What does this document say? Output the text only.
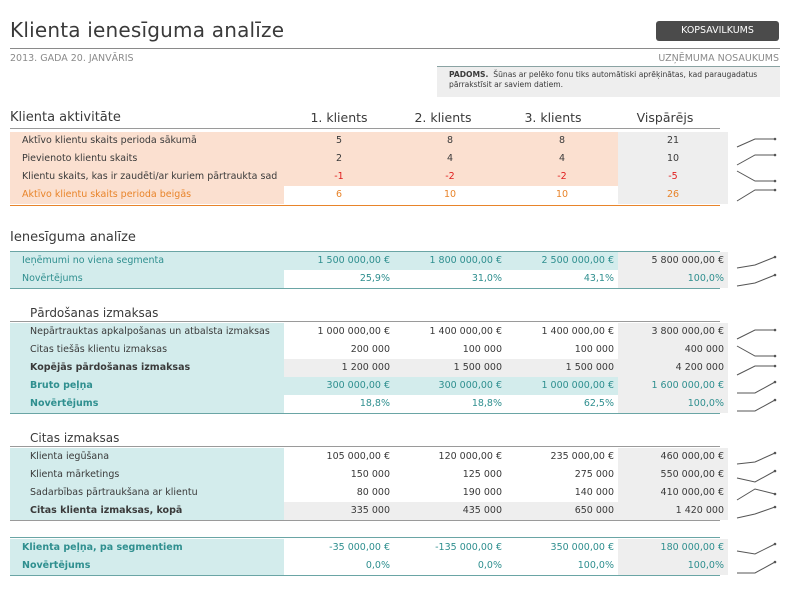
Klienta ienesīguma analīze	KOPSAVILKUMS
2013. GADA 20. JANVĀRIS	UZŅĒMUMA NOSAUKUMS
PADOMS. Šūnas ar pelēko fonu tiks automātiski aprēķinātas, kad paraugadatus pārrakstīsit ar saviem datiem.
Klienta aktivitāte	1. klients	2. klients	3. klients	Vispārējs
Aktīvo klientu skaits perioda sākumā	5	8	8	21
Pievienoto klientu skaits	2	4	4	10
Klientu skaits, kas ir zaudēti/ar kuriem pārtraukta sad	-1	-2	-2	-5
Aktīvo klientu skaits perioda beigās	6	10	10	26
Ienesīguma analīze
Ieņēmumi no viena segmenta	1 500 000,00 €	1 800 000,00 €	2 500 000,00 €	5 800 000,00 €
Novērtējums	25,9%	31,0%	43,1%	100,0%
Pārdošanas izmaksas
Nepārtrauktas apkalpošanas un atbalsta izmaksas	1 000 000,00 €	1 400 000,00 €	1 400 000,00 €	3 800 000,00 €
Citas tiešās klientu izmaksas	200 000	100 000	100 000	400 000
Kopējās pārdošanas izmaksas	1 200 000	1 500 000	1 500 000	4 200 000
Bruto peļņa	300 000,00 €	300 000,00 €	1 000 000,00 €	1 600 000,00 €
Novērtējums	18,8%	18,8%	62,5%	100,0%
Citas izmaksas
Klienta iegūšana	105 000,00 €	120 000,00 €	235 000,00 €	460 000,00 €
Klienta mārketings	150 000	125 000	275 000	550 000,00 €
Sadarbības pārtraukšana ar klientu	80 000	190 000	140 000	410 000,00 €
Citas klienta izmaksas, kopā	335 000	435 000	650 000	1 420 000
Klienta peļņa, pa segmentiem	-35 000,00 €	-135 000,00 €	350 000,00 €	180 000,00 €
Novērtējums	0,0%	0,0%	100,0%	100,0%
